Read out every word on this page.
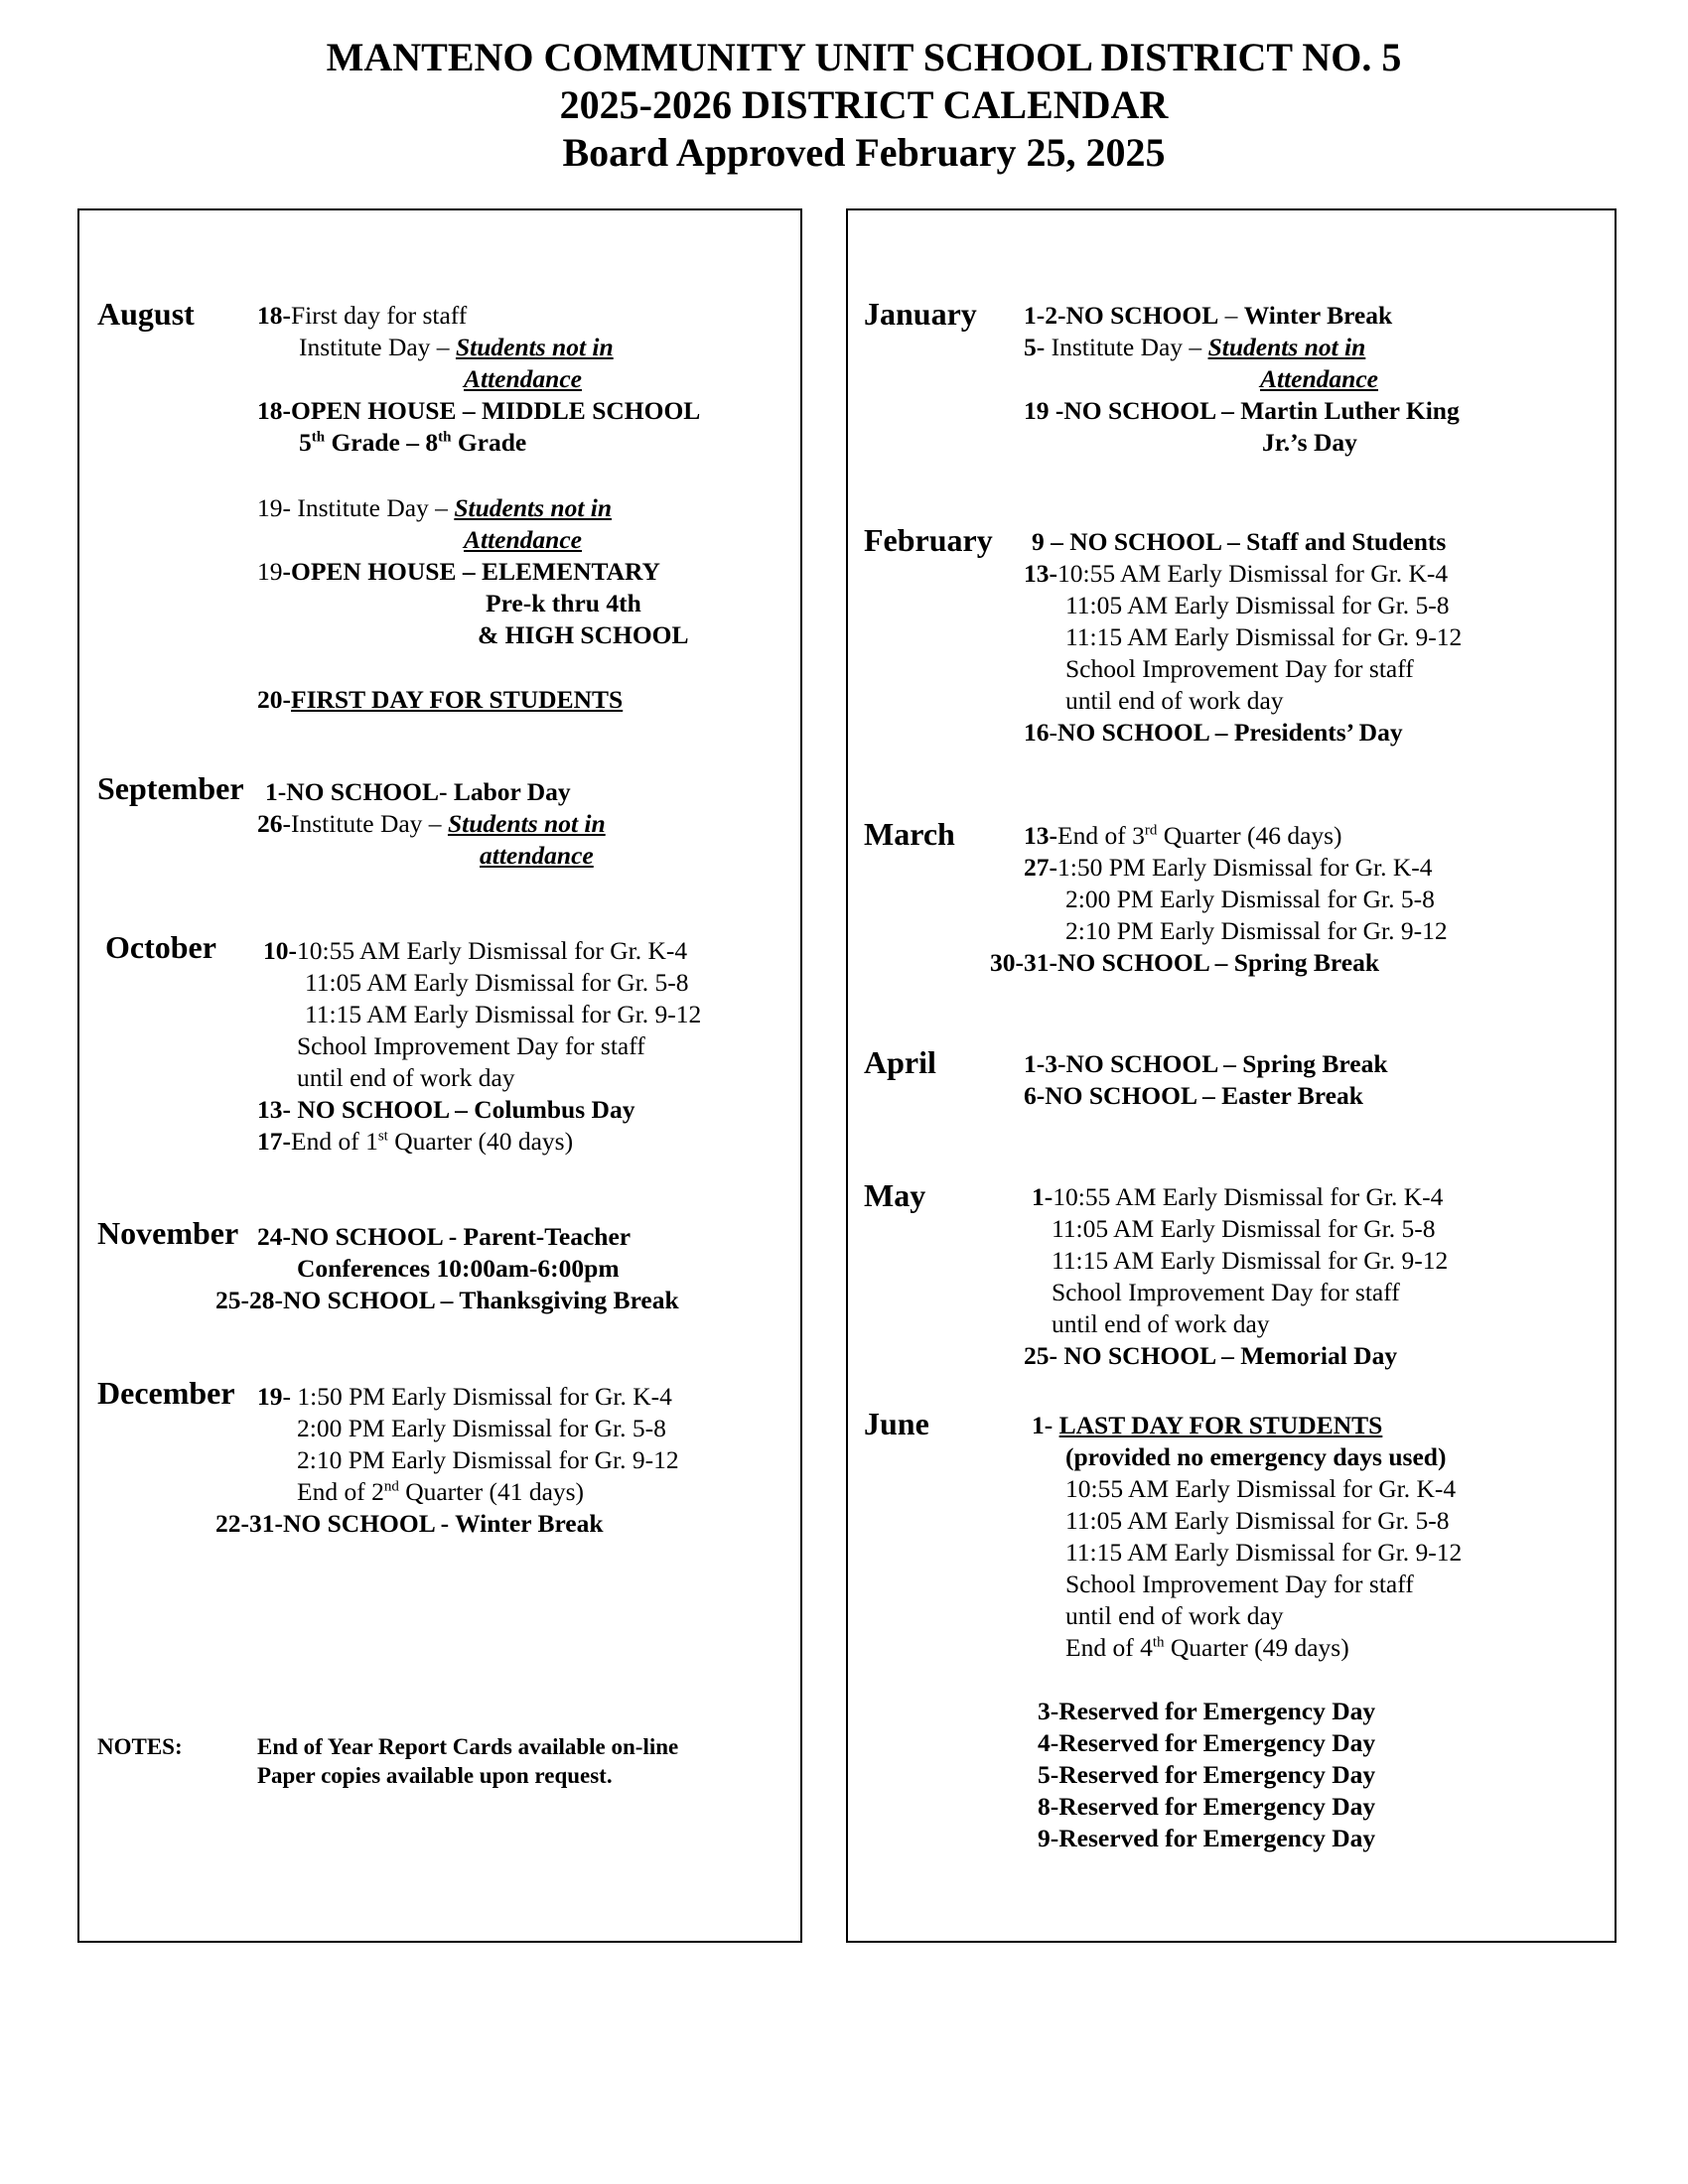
MANTENO COMMUNITY UNIT SCHOOL DISTRICT NO. 5
2025-2026 DISTRICT CALENDAR
Board Approved February 25, 2025
August 18-First day for staff
Institute Day – Students not in
Attendance
18-OPEN HOUSE – MIDDLE SCHOOL
5th Grade – 8th Grade
19- Institute Day – Students not in
Attendance
19-OPEN HOUSE – ELEMENTARY
Pre-k thru 4th
& HIGH SCHOOL
20-FIRST DAY FOR STUDENTS
September 1-NO SCHOOL- Labor Day
26-Institute Day – Students not in
attendance
October 10-10:55 AM Early Dismissal for Gr. K-4
11:05 AM Early Dismissal for Gr. 5-8
11:15 AM Early Dismissal for Gr. 9-12
School Improvement Day for staff
until end of work day
13- NO SCHOOL – Columbus Day
17-End of 1st Quarter (40 days)
November 24-NO SCHOOL - Parent-Teacher
Conferences 10:00am-6:00pm
25-28-NO SCHOOL – Thanksgiving Break
December 19- 1:50 PM Early Dismissal for Gr. K-4
2:00 PM Early Dismissal for Gr. 5-8
2:10 PM Early Dismissal for Gr. 9-12
End of 2nd Quarter (41 days)
22-31-NO SCHOOL - Winter Break
NOTES:	End of Year Report Cards available on-line
Paper copies available upon request.
January 1-2-NO SCHOOL – Winter Break
5- Institute Day – Students not in
Attendance
19 -NO SCHOOL – Martin Luther King
Jr.’s Day
February 9 – NO SCHOOL – Staff and Students
13-10:55 AM Early Dismissal for Gr. K-4
11:05 AM Early Dismissal for Gr. 5-8
11:15 AM Early Dismissal for Gr. 9-12
School Improvement Day for staff
until end of work day
16-NO SCHOOL – Presidents’ Day
March	13-End of 3rd Quarter (46 days)
27-1:50 PM Early Dismissal for Gr. K-4
2:00 PM Early Dismissal for Gr. 5-8
2:10 PM Early Dismissal for Gr. 9-12
30-31-NO SCHOOL – Spring Break
April	1-3-NO SCHOOL – Spring Break
6-NO SCHOOL – Easter Break
May	1-10:55 AM Early Dismissal for Gr. K-4
11:05 AM Early Dismissal for Gr. 5-8
11:15 AM Early Dismissal for Gr. 9-12
School Improvement Day for staff
until end of work day
25- NO SCHOOL – Memorial Day
June	1- LAST DAY FOR STUDENTS
(provided no emergency days used)
10:55 AM Early Dismissal for Gr. K-4
11:05 AM Early Dismissal for Gr. 5-8
11:15 AM Early Dismissal for Gr. 9-12
School Improvement Day for staff
until end of work day
End of 4th Quarter (49 days)
3-Reserved for Emergency Day
4-Reserved for Emergency Day
5-Reserved for Emergency Day
8-Reserved for Emergency Day
9-Reserved for Emergency Day
